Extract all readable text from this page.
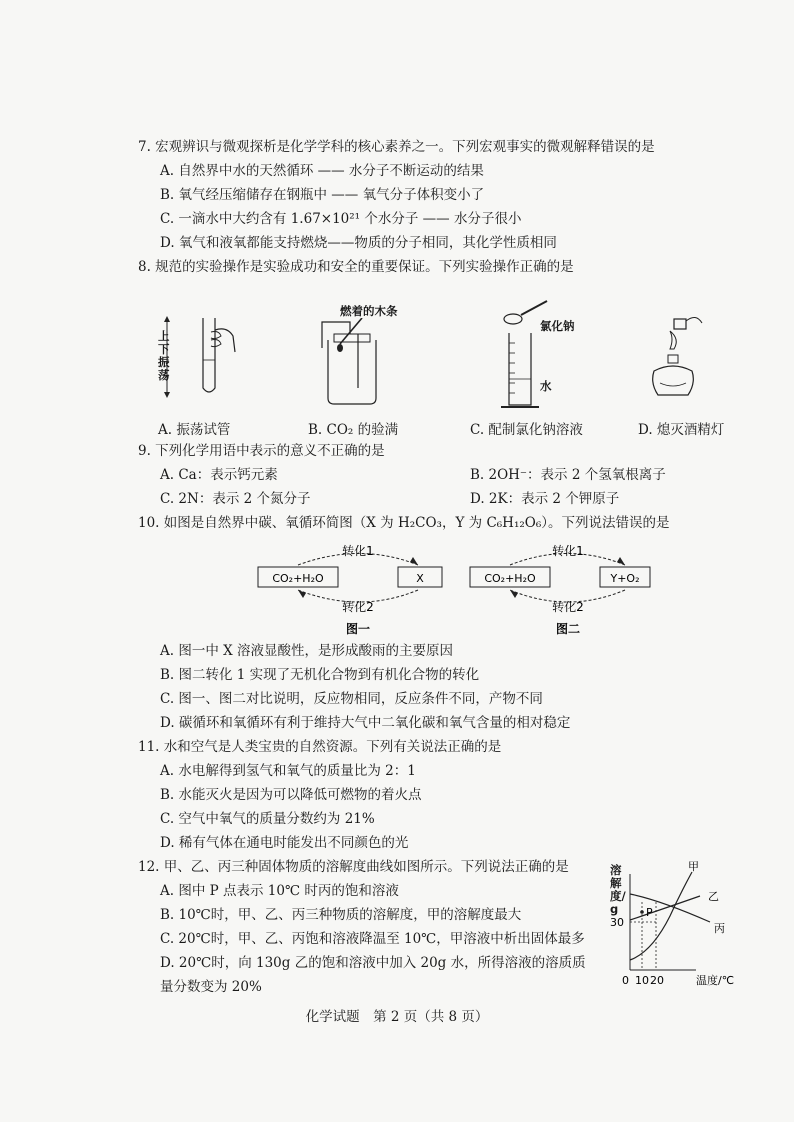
7. 宏观辨识与微观探析是化学学科的核心素养之一。下列宏观事实的微观解释错误的是
A. 自然界中水的天然循环 —— 水分子不断运动的结果
B. 氧气经压缩储存在钢瓶中 —— 氧气分子体积变小了
C. 一滴水中大约含有 1.67×10²¹ 个水分子 —— 水分子很小
D. 氧气和液氧都能支持燃烧——物质的分子相同，其化学性质相同
8. 规范的实验操作是实验成功和安全的重要保证。下列实验操作正确的是
上下振荡
燃着的木条
氯化钠
水
A. 振荡试管	B. CO₂ 的验满	C. 配制氯化钠溶液	D. 熄灭酒精灯
9. 下列化学用语中表示的意义不正确的是
A. Ca：表示钙元素	B. 2OH⁻：表示 2 个氢氧根离子
C. 2N：表示 2 个氮分子	D. 2K：表示 2 个钾原子
10. 如图是自然界中碳、氧循环简图（X 为 H₂CO₃，Y 为 C₆H₁₂O₆）。下列说法错误的是
转化1
CO₂+H₂O	X
转化2
图一
转化1
CO₂+H₂O	Y+O₂
转化2
图二
A. 图一中 X 溶液显酸性，是形成酸雨的主要原因
B. 图二转化 1 实现了无机化合物到有机化合物的转化
C. 图一、图二对比说明，反应物相同，反应条件不同，产物不同
D. 碳循环和氧循环有利于维持大气中二氧化碳和氧气含量的相对稳定
11. 水和空气是人类宝贵的自然资源。下列有关说法正确的是
A. 水电解得到氢气和氧气的质量比为 2：1
B. 水能灭火是因为可以降低可燃物的着火点
C. 空气中氧气的质量分数约为 21%
D. 稀有气体在通电时能发出不同颜色的光
12. 甲、乙、丙三种固体物质的溶解度曲线如图所示。下列说法正确的是
A. 图中 P 点表示 10℃ 时丙的饱和溶液
B. 10℃时，甲、乙、丙三种物质的溶解度，甲的溶解度最大
C. 20℃时，甲、乙、丙饱和溶液降温至 10℃，甲溶液中析出固体最多
D. 20℃时，向 130g 乙的饱和溶液中加入 20g 水，所得溶液的溶质质
量分数变为 20%
P
30
0 10 20	温度/℃
甲
乙
丙
溶解度/g
化学试题　第 2 页（共 8 页）
